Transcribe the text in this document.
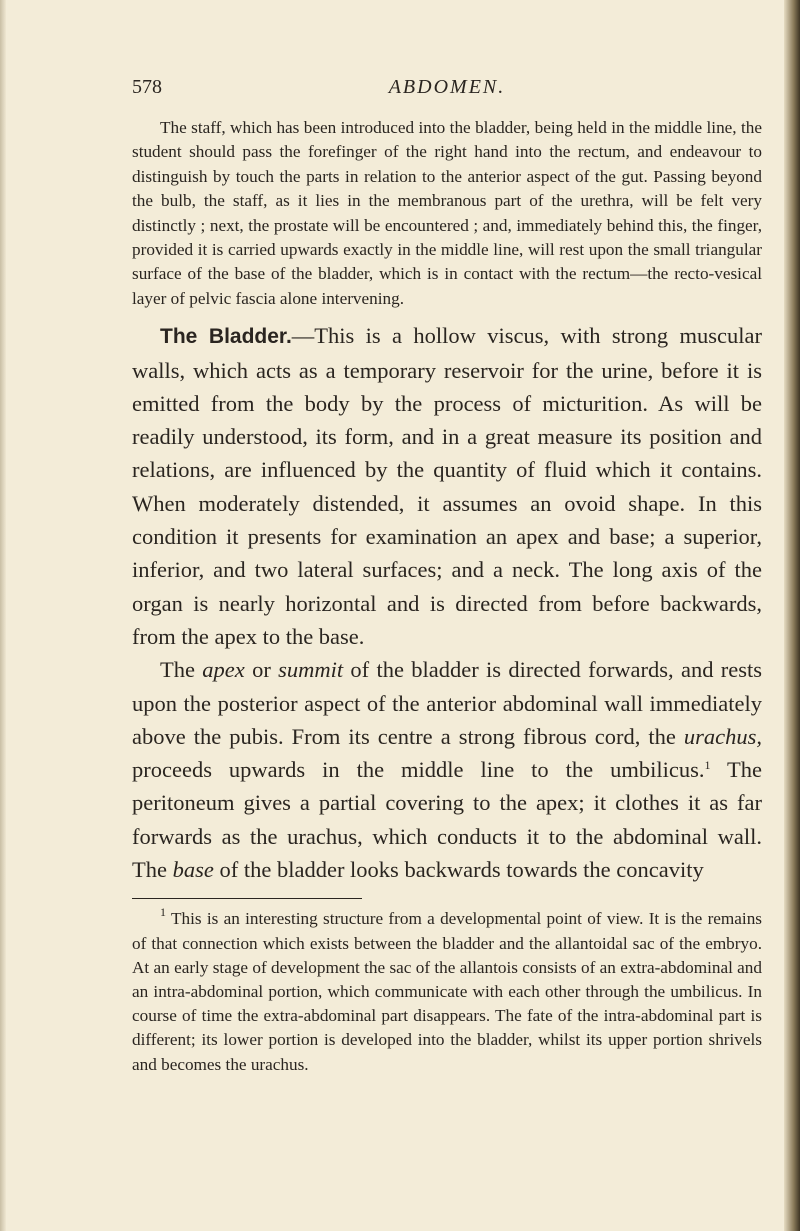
578	ABDOMEN.

The staff, which has been introduced into the bladder, being held in the middle line, the student should pass the forefinger of the right hand into the rectum, and endeavour to distinguish by touch the parts in relation to the anterior aspect of the gut. Passing beyond the bulb, the staff, as it lies in the membranous part of the urethra, will be felt very distinctly ; next, the prostate will be encountered ; and, immediately behind this, the finger, provided it is carried upwards exactly in the middle line, will rest upon the small triangular surface of the base of the bladder, which is in contact with the rectum—the recto-vesical layer of pelvic fascia alone intervening.

The Bladder.—This is a hollow viscus, with strong muscular walls, which acts as a temporary reservoir for the urine, before it is emitted from the body by the process of micturition. As will be readily understood, its form, and in a great measure its position and relations, are influenced by the quantity of fluid which it contains. When moderately distended, it assumes an ovoid shape. In this condition it presents for examination an apex and base; a superior, inferior, and two lateral surfaces; and a neck. The long axis of the organ is nearly horizontal and is directed from before backwards, from the apex to the base.

The apex or summit of the bladder is directed forwards, and rests upon the posterior aspect of the anterior abdominal wall immediately above the pubis. From its centre a strong fibrous cord, the urachus, proceeds upwards in the middle line to the umbilicus.$^1$ The peritoneum gives a partial covering to the apex; it clothes it as far forwards as the urachus, which conducts it to the abdominal wall. The base of the bladder looks backwards towards the concavity

$^1$ This is an interesting structure from a developmental point of view. It is the remains of that connection which exists between the bladder and the allantoidal sac of the embryo. At an early stage of development the sac of the allantois consists of an extra-abdominal and an intra-abdominal portion, which communicate with each other through the umbilicus. In course of time the extra-abdominal part disappears. The fate of the intra-abdominal part is different; its lower portion is developed into the bladder, whilst its upper portion shrivels and becomes the urachus.
